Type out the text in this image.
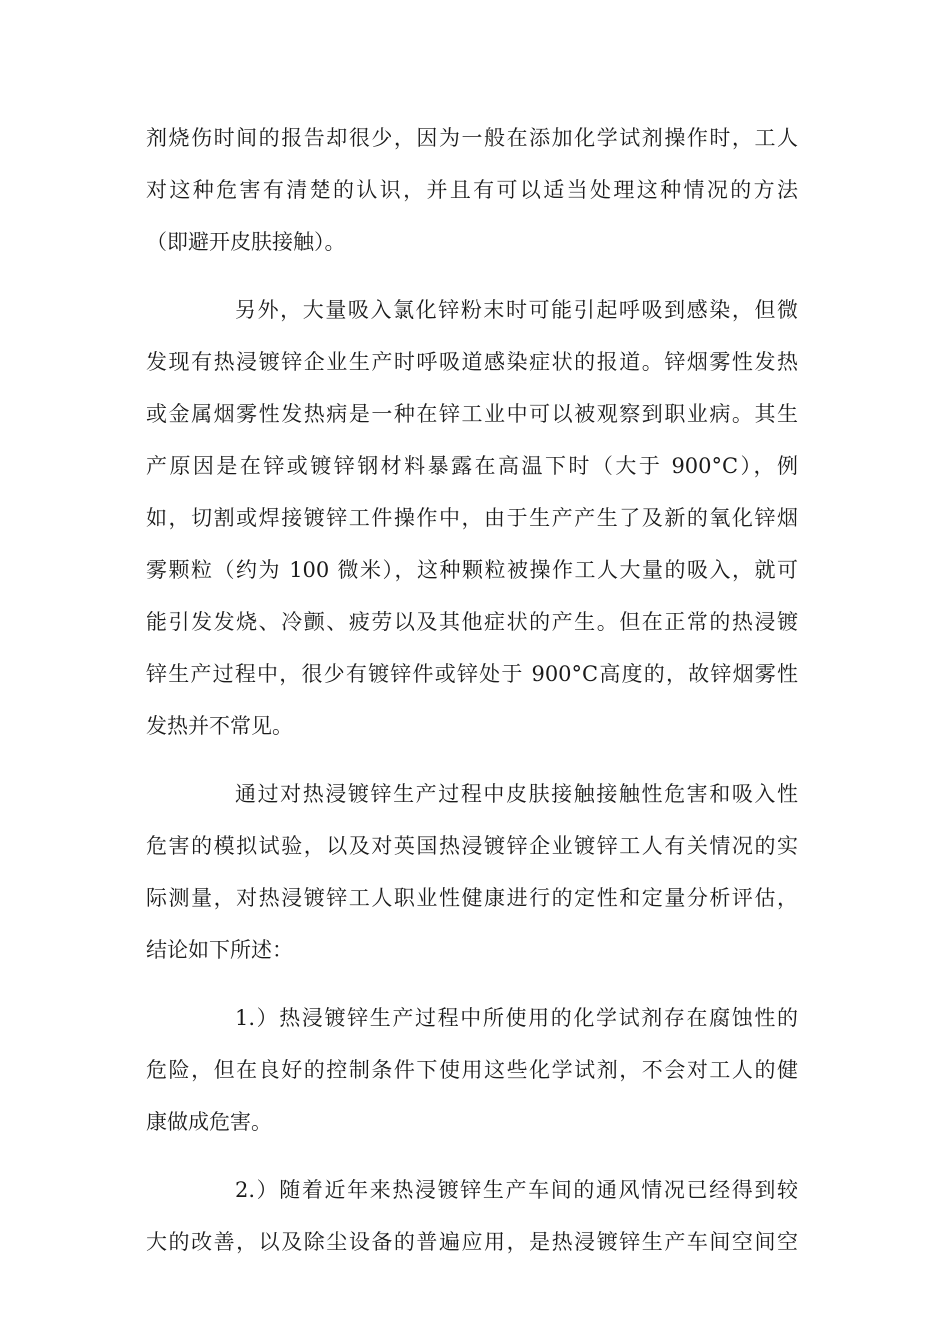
剂烧伤时间的报告却很少，因为一般在添加化学试剂操作时，工人
对这种危害有清楚的认识，并且有可以适当处理这种情况的方法
（即避开皮肤接触）。
另外，大量吸入氯化锌粉末时可能引起呼吸到感染，但微
发现有热浸镀锌企业生产时呼吸道感染症状的报道。锌烟雾性发热
或金属烟雾性发热病是一种在锌工业中可以被观察到职业病。其生
产原因是在锌或镀锌钢材料暴露在高温下时（大于 900°C），例
如，切割或焊接镀锌工件操作中，由于生产产生了及新的氧化锌烟
雾颗粒（约为 100 微米），这种颗粒被操作工人大量的吸入，就可
能引发发烧、冷颤、疲劳以及其他症状的产生。但在正常的热浸镀
锌生产过程中，很少有镀锌件或锌处于 900°C高度的，故锌烟雾性
发热并不常见。
通过对热浸镀锌生产过程中皮肤接触接触性危害和吸入性
危害的模拟试验，以及对英国热浸镀锌企业镀锌工人有关情况的实
际测量，对热浸镀锌工人职业性健康进行的定性和定量分析评估，
结论如下所述：
1.）热浸镀锌生产过程中所使用的化学试剂存在腐蚀性的
危险，但在良好的控制条件下使用这些化学试剂，不会对工人的健
康做成危害。
2.）随着近年来热浸镀锌生产车间的通风情况已经得到较
大的改善，以及除尘设备的普遍应用，是热浸镀锌生产车间空间空
